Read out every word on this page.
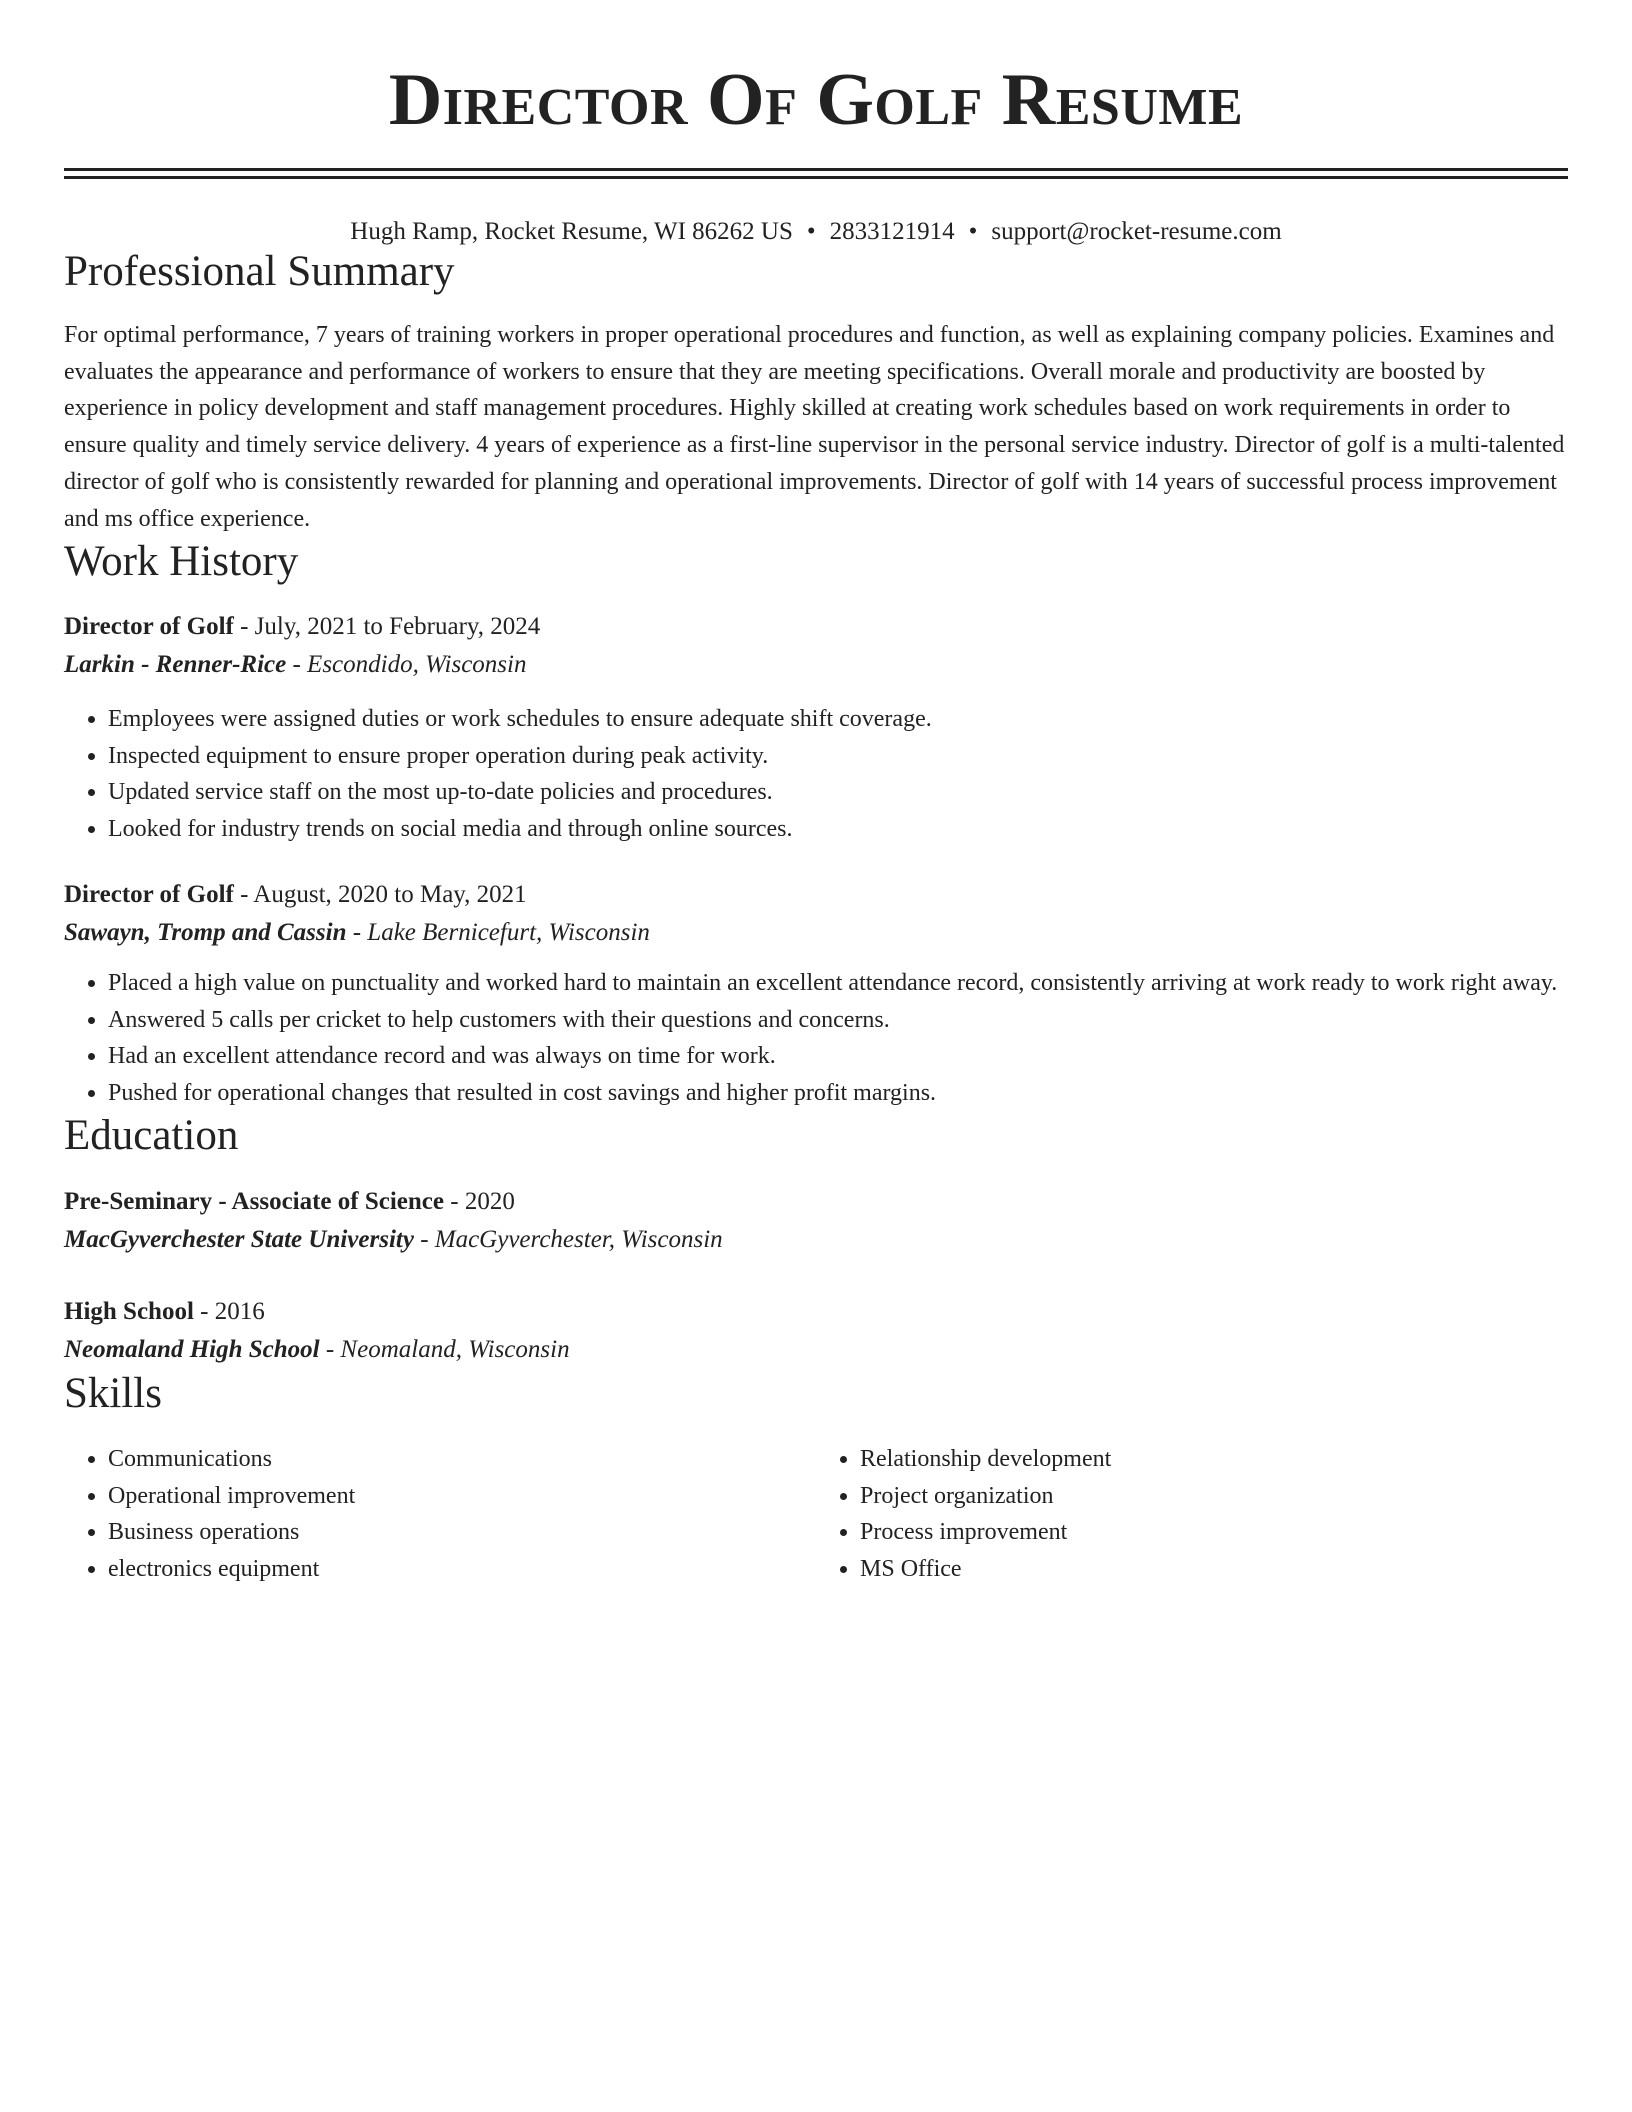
Director Of Golf Resume
Hugh Ramp, Rocket Resume, WI 86262 US • 2833121914 • support@rocket-resume.com
Professional Summary

For optimal performance, 7 years of training workers in proper operational procedures and function, as well as explaining company policies. Examines and evaluates the appearance and performance of workers to ensure that they are meeting specifications. Overall morale and productivity are boosted by experience in policy development and staff management procedures. Highly skilled at creating work schedules based on work requirements in order to ensure quality and timely service delivery. 4 years of experience as a first-line supervisor in the personal service industry. Director of golf is a multi-talented director of golf who is consistently rewarded for planning and operational improvements. Director of golf with 14 years of successful process improvement and ms office experience.

Work History
Director of Golf - July, 2021 to February, 2024
Larkin - Renner-Rice - Escondido, Wisconsin
• Employees were assigned duties or work schedules to ensure adequate shift coverage.
• Inspected equipment to ensure proper operation during peak activity.
• Updated service staff on the most up-to-date policies and procedures.
• Looked for industry trends on social media and through online sources.
Director of Golf - August, 2020 to May, 2021
Sawayn, Tromp and Cassin - Lake Bernicefurt, Wisconsin
• Placed a high value on punctuality and worked hard to maintain an excellent attendance record, consistently arriving at work ready to work right away.
• Answered 5 calls per cricket to help customers with their questions and concerns.
• Had an excellent attendance record and was always on time for work.
• Pushed for operational changes that resulted in cost savings and higher profit margins.
Education
Pre-Seminary - Associate of Science - 2020
MacGyverchester State University - MacGyverchester, Wisconsin
High School - 2016
Neomaland High School - Neomaland, Wisconsin
Skills
• Communications
• Operational improvement
• Business operations
• electronics equipment
• Relationship development
• Project organization
• Process improvement
• MS Office
